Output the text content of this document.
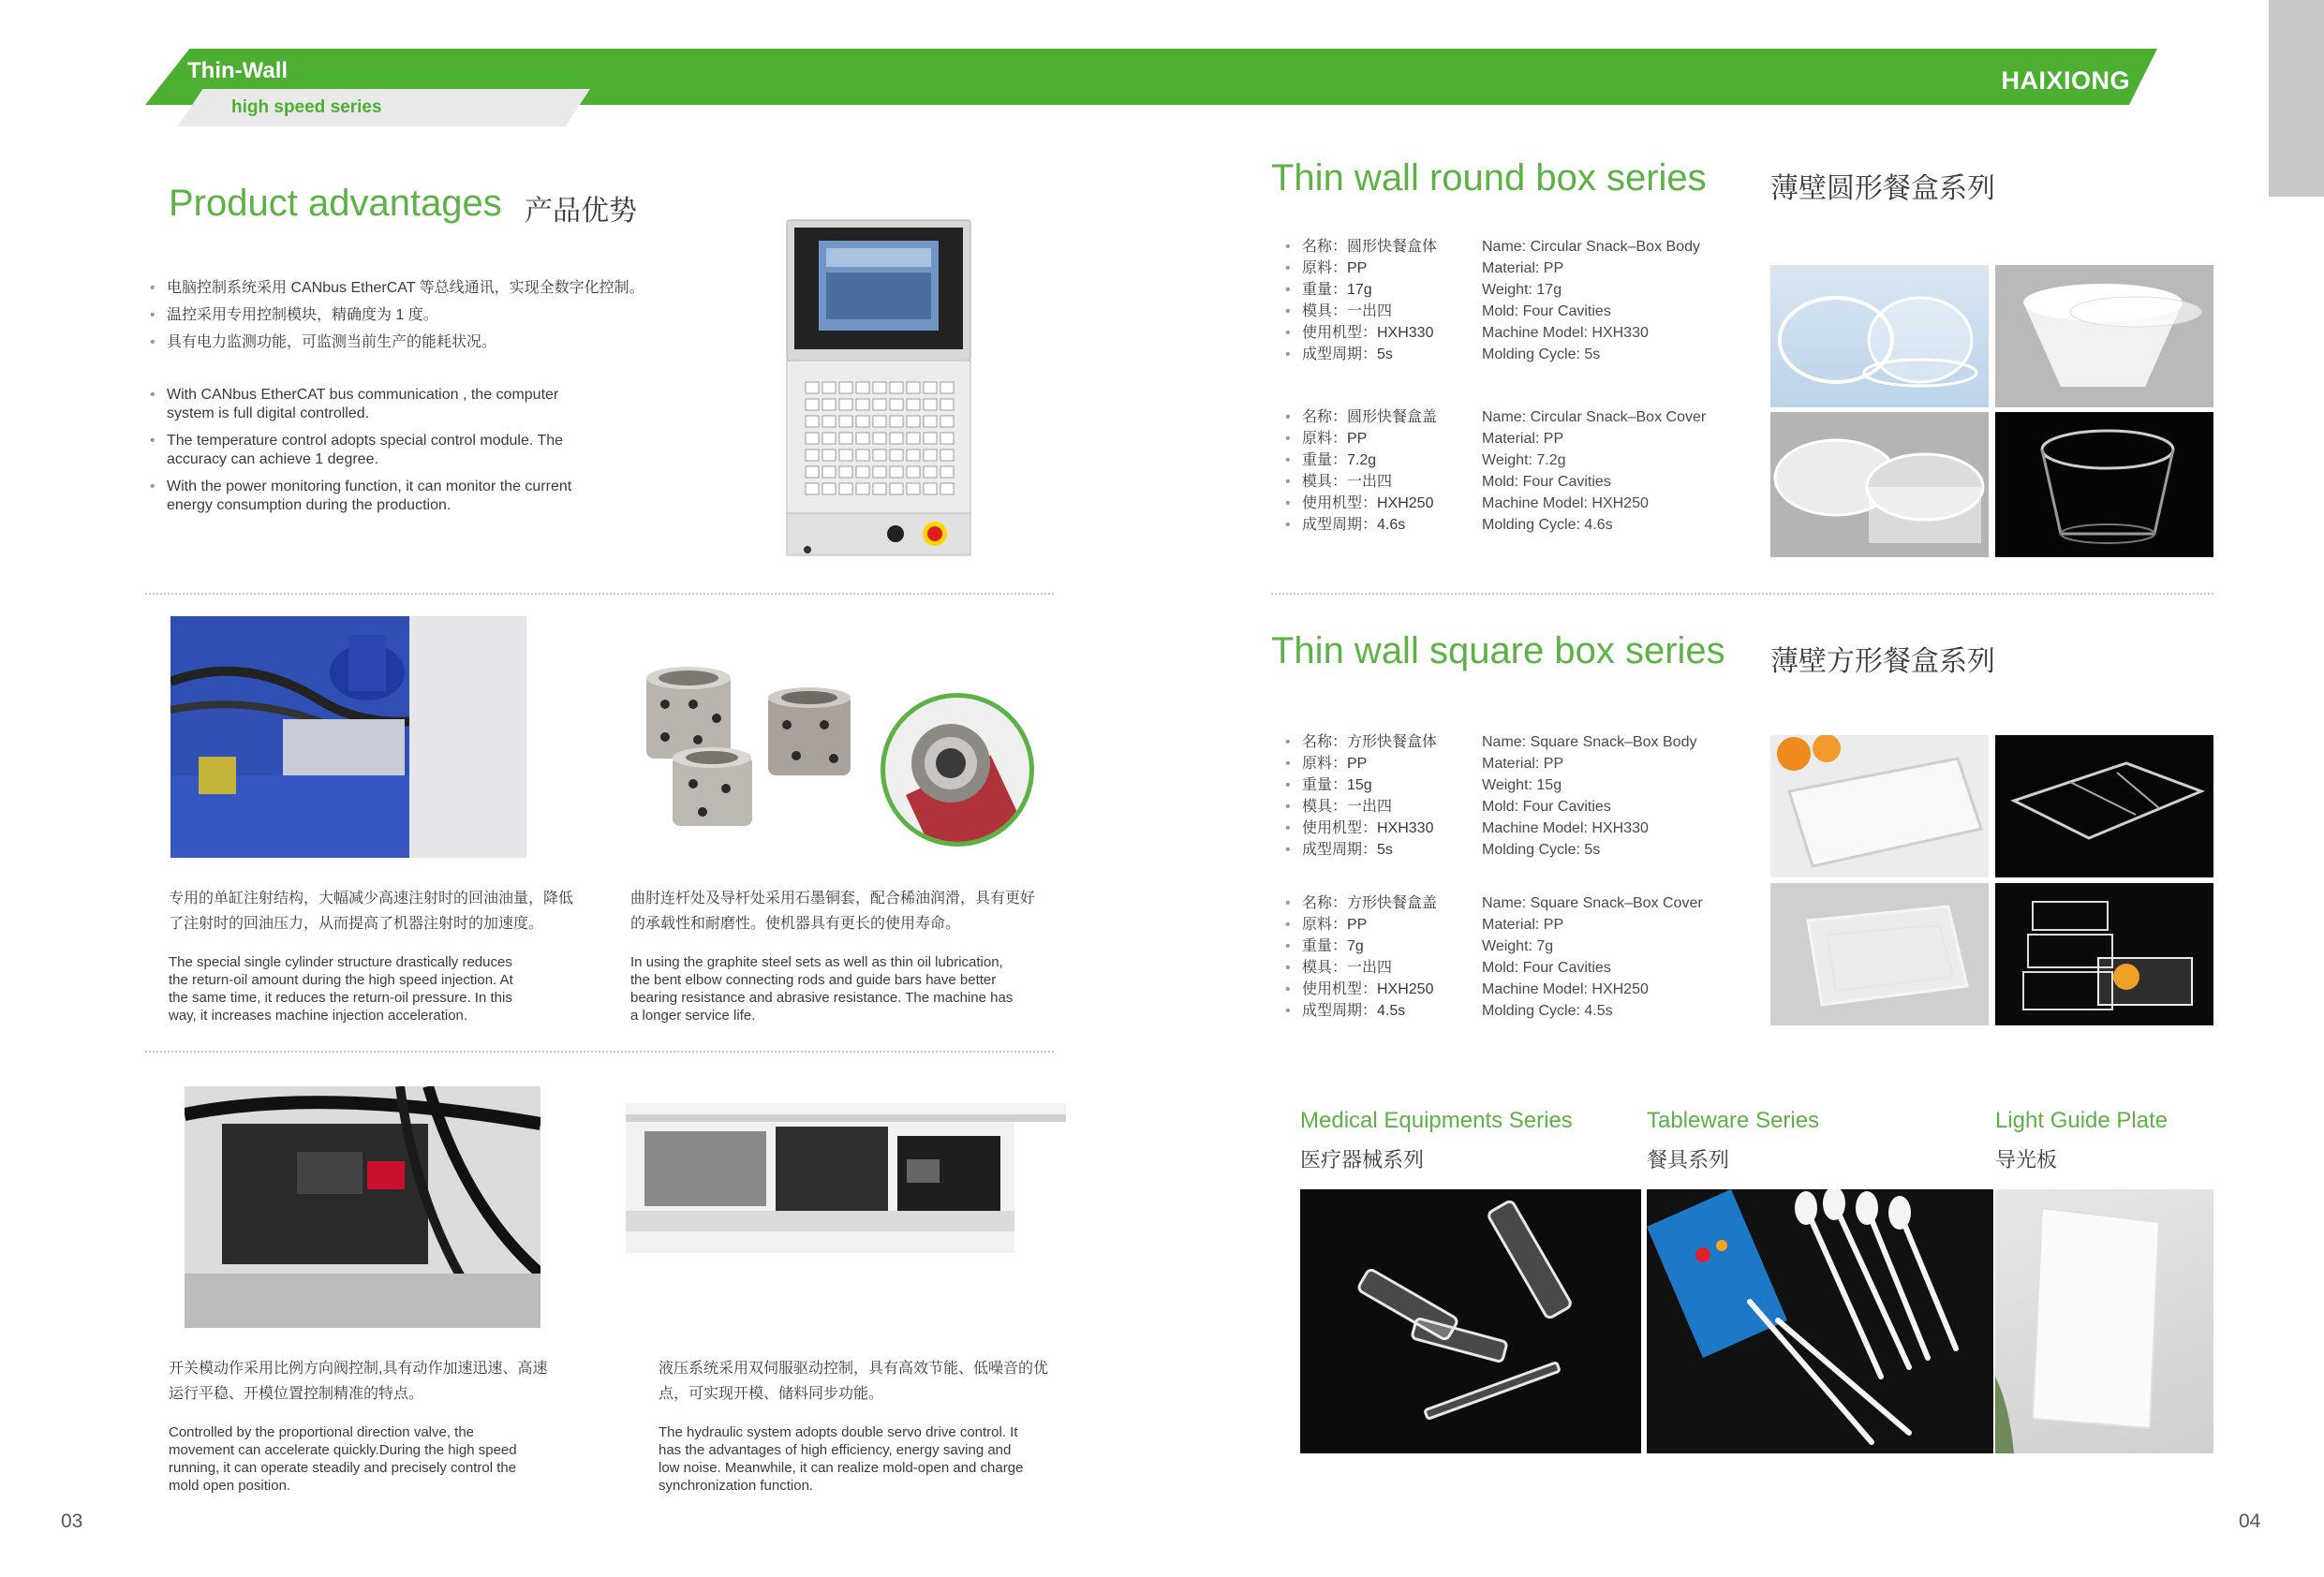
Thin-Wall
high speed series
HAIXIONG
Product advantages 产品优势
• 电脑控制系统采用 CANbus EtherCAT 等总线通讯，实现全数字化控制。
• 温控采用专用控制模块，精确度为 1 度。
• 具有电力监测功能，可监测当前生产的能耗状况。
• With CANbus EtherCAT bus communication , the computer system is full digital controlled.
• The temperature control adopts special control module. The accuracy can achieve 1 degree.
• With the power monitoring function, it can monitor the current energy consumption during the production.
专用的单缸注射结构，大幅减少高速注射时的回油油量，降低了注射时的回油压力，从而提高了机器注射时的加速度。
The special single cylinder structure drastically reduces the return-oil amount during the high speed injection. At the same time, it reduces the return-oil pressure. In this way, it increases machine injection acceleration.
曲肘连杆处及导杆处采用石墨铜套，配合稀油润滑，具有更好的承载性和耐磨性。使机器具有更长的使用寿命。
In using the graphite steel sets as well as thin oil lubrication, the bent elbow connecting rods and guide bars have better bearing resistance and abrasive resistance. The machine has a longer service life.
开关模动作采用比例方向阀控制,具有动作加速迅速、高速运行平稳、开模位置控制精准的特点。
Controlled by the proportional direction valve, the movement can accelerate quickly.During the high speed running, it can operate steadily and precisely control the mold open position.
液压系统采用双伺服驱动控制，具有高效节能、低噪音的优点，可实现开模、储料同步功能。
The hydraulic system adopts double servo drive control. It has the advantages of high efficiency, energy saving and low noise. Meanwhile, it can realize mold-open and charge synchronization function.
03
Thin wall round box series 薄壁圆形餐盒系列
• 名称：圆形快餐盒体	Name: Circular Snack–Box Body
• 原料：PP	Material: PP
• 重量：17g	Weight: 17g
• 模具：一出四	Mold: Four Cavities
• 使用机型：HXH330	Machine Model: HXH330
• 成型周期：5s	Molding Cycle: 5s
• 名称：圆形快餐盒盖	Name: Circular Snack–Box Cover
• 原料：PP	Material: PP
• 重量：7.2g	Weight: 7.2g
• 模具：一出四	Mold: Four Cavities
• 使用机型：HXH250	Machine Model: HXH250
• 成型周期：4.6s	Molding Cycle: 4.6s
Thin wall square box series 薄壁方形餐盒系列
• 名称：方形快餐盒体	Name: Square Snack–Box Body
• 原料：PP	Material: PP
• 重量：15g	Weight: 15g
• 模具：一出四	Mold: Four Cavities
• 使用机型：HXH330	Machine Model: HXH330
• 成型周期：5s	Molding Cycle: 5s
• 名称：方形快餐盒盖	Name: Square Snack–Box Cover
• 原料：PP	Material: PP
• 重量：7g	Weight: 7g
• 模具：一出四	Mold: Four Cavities
• 使用机型：HXH250	Machine Model: HXH250
• 成型周期：4.5s	Molding Cycle: 4.5s
Medical Equipments Series
医疗器械系列
Tableware Series
餐具系列
Light Guide Plate
导光板
04
